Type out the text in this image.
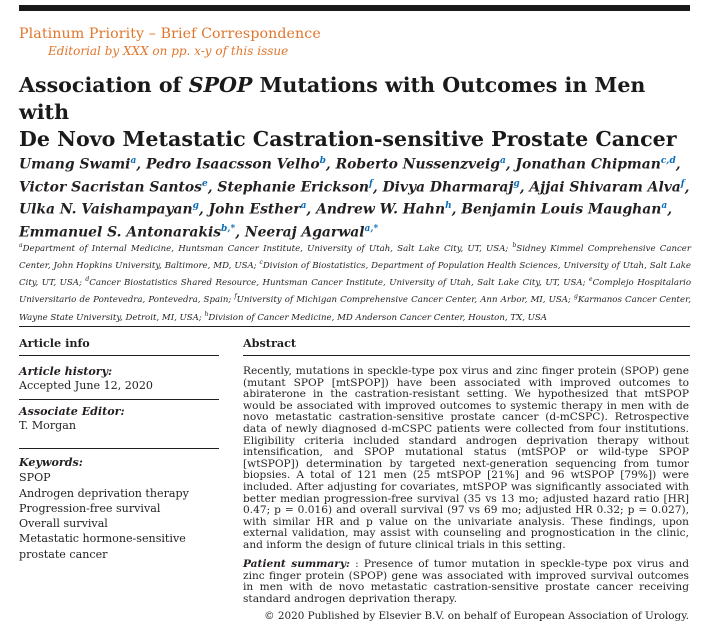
Platinum Priority – Brief Correspondence
Editorial by XXX on pp. x-y of this issue
Association of SPOP Mutations with Outcomes in Men with
De Novo Metastatic Castration-sensitive Prostate Cancer
Umang Swami$^a$, Pedro Isaacsson Velho$^b$, Roberto Nussenzveig$^a$, Jonathan Chipman$^{c,d}$,
Victor Sacristan Santos$^e$, Stephanie Erickson$^f$, Divya Dharmaraj$^g$, Ajjai Shivaram Alva$^f$,
Ulka N. Vaishampayan$^g$, John Esther$^a$, Andrew W. Hahn$^h$, Benjamin Louis Maughan$^a$,
Emmanuel S. Antonarakis$^{b,*}$, Neeraj Agarwal$^{a,*}$
$^a$Department of Internal Medicine, Huntsman Cancer Institute, University of Utah, Salt Lake City, UT, USA; $^b$Sidney Kimmel Comprehensive Cancer Center, John Hopkins University, Baltimore, MD, USA; $^c$Division of Biostatistics, Department of Population Health Sciences, University of Utah, Salt Lake City, UT, USA; $^d$Cancer Biostatistics Shared Resource, Huntsman Cancer Institute, University of Utah, Salt Lake City, UT, USA; $^e$Complejo Hospitalario Universitario de Pontevedra, Pontevedra, Spain; $^f$University of Michigan Comprehensive Cancer Center, Ann Arbor, MI, USA; $^g$Karmanos Cancer Center, Wayne State University, Detroit, MI, USA; $^h$Division of Cancer Medicine, MD Anderson Cancer Center, Houston, TX, USA
Article info	Abstract
Article history:
Accepted June 12, 2020
Associate Editor:
T. Morgan
Keywords:
SPOP
Androgen deprivation therapy
Progression-free survival
Overall survival
Metastatic hormone-sensitive
prostate cancer

Recently, mutations in speckle-type pox virus and zinc finger protein (SPOP) gene (mutant SPOP [mtSPOP]) have been associated with improved outcomes to abiraterone in the castration-resistant setting. We hypothesized that mtSPOP would be associated with improved outcomes to systemic therapy in men with de novo metastatic castration-sensitive prostate cancer (d-mCSPC). Retrospective data of newly diagnosed d-mCSPC patients were collected from four institutions. Eligibility criteria included standard androgen deprivation therapy without intensification, and SPOP mutational status (mtSPOP or wild-type SPOP [wtSPOP]) determination by targeted next-generation sequencing from tumor biopsies. A total of 121 men (25 mtSPOP [21%] and 96 wtSPOP [79%]) were included. After adjusting for covariates, mtSPOP was significantly associated with better median progression-free survival (35 vs 13 mo; adjusted hazard ratio [HR] 0.47; p = 0.016) and overall survival (97 vs 69 mo; adjusted HR 0.32; p = 0.027), with similar HR and p value on the univariate analysis. These findings, upon external validation, may assist with counseling and prognostication in the clinic, and inform the design of future clinical trials in this setting.

Patient summary: : Presence of tumor mutation in speckle-type pox virus and zinc finger protein (SPOP) gene was associated with improved survival outcomes in men with de novo metastatic castration-sensitive prostate cancer receiving standard androgen deprivation therapy.

© 2020 Published by Elsevier B.V. on behalf of European Association of Urology.
